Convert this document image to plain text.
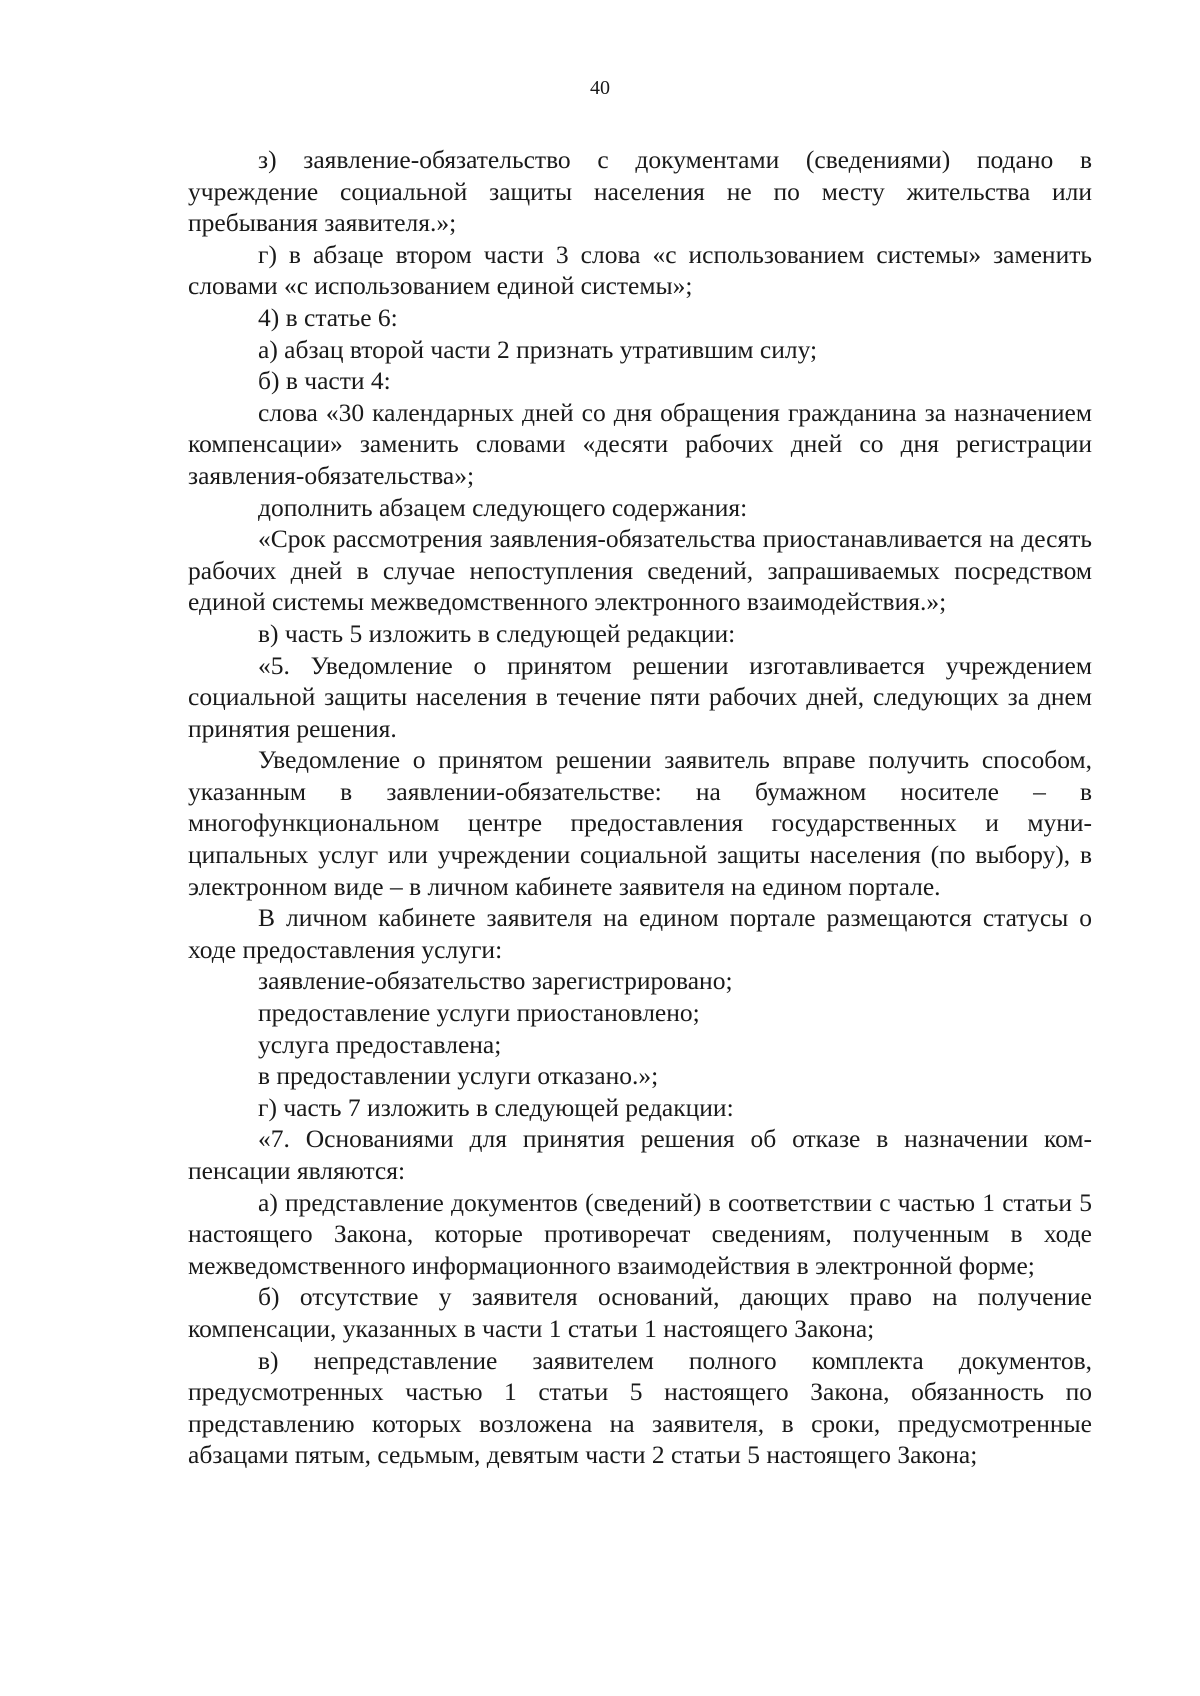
40

з) заявление-обязательство с документами (сведениями) подано в учреждение социальной защиты населения не по месту жительства или пребывания заявителя.»;

г) в абзаце втором части 3 слова «с использованием системы» заменить словами «с использованием единой системы»;

4) в статье 6:

а) абзац второй части 2 признать утратившим силу;

б) в части 4:

слова «30 календарных дней со дня обращения гражданина за назначением компенсации» заменить словами «десяти рабочих дней со дня регистрации заявления-обязательства»;

дополнить абзацем следующего содержания:

«Срок рассмотрения заявления-обязательства приостанавливается на десять рабочих дней в случае непоступления сведений, запрашиваемых посредством единой системы межведомственного электронного взаимодействия.»;

в) часть 5 изложить в следующей редакции:

«5. Уведомление о принятом решении изготавливается учреждением социальной защиты населения в течение пяти рабочих дней, следующих за днем принятия решения.

Уведомление о принятом решении заявитель вправе получить способом, указанным в заявлении-обязательстве: на бумажном носителе – в многофункциональном центре предоставления государственных и муниципальных услуг или учреждении социальной защиты населения (по выбору), в электронном виде – в личном кабинете заявителя на едином портале.

В личном кабинете заявителя на едином портале размещаются статусы о ходе предоставления услуги:

заявление-обязательство зарегистрировано;

предоставление услуги приостановлено;

услуга предоставлена;

в предоставлении услуги отказано.»;

г) часть 7 изложить в следующей редакции:

«7. Основаниями для принятия решения об отказе в назначении компенсации являются:

а) представление документов (сведений) в соответствии с частью 1 статьи 5 настоящего Закона, которые противоречат сведениям, полученным в ходе межведомственного информационного взаимодействия в электронной форме;

б) отсутствие у заявителя оснований, дающих право на получение компенсации, указанных в части 1 статьи 1 настоящего Закона;

в) непредставление заявителем полного комплекта документов, предусмотренных частью 1 статьи 5 настоящего Закона, обязанность по представлению которых возложена на заявителя, в сроки, предусмотренные абзацами пятым, седьмым, девятым части 2 статьи 5 настоящего Закона;
